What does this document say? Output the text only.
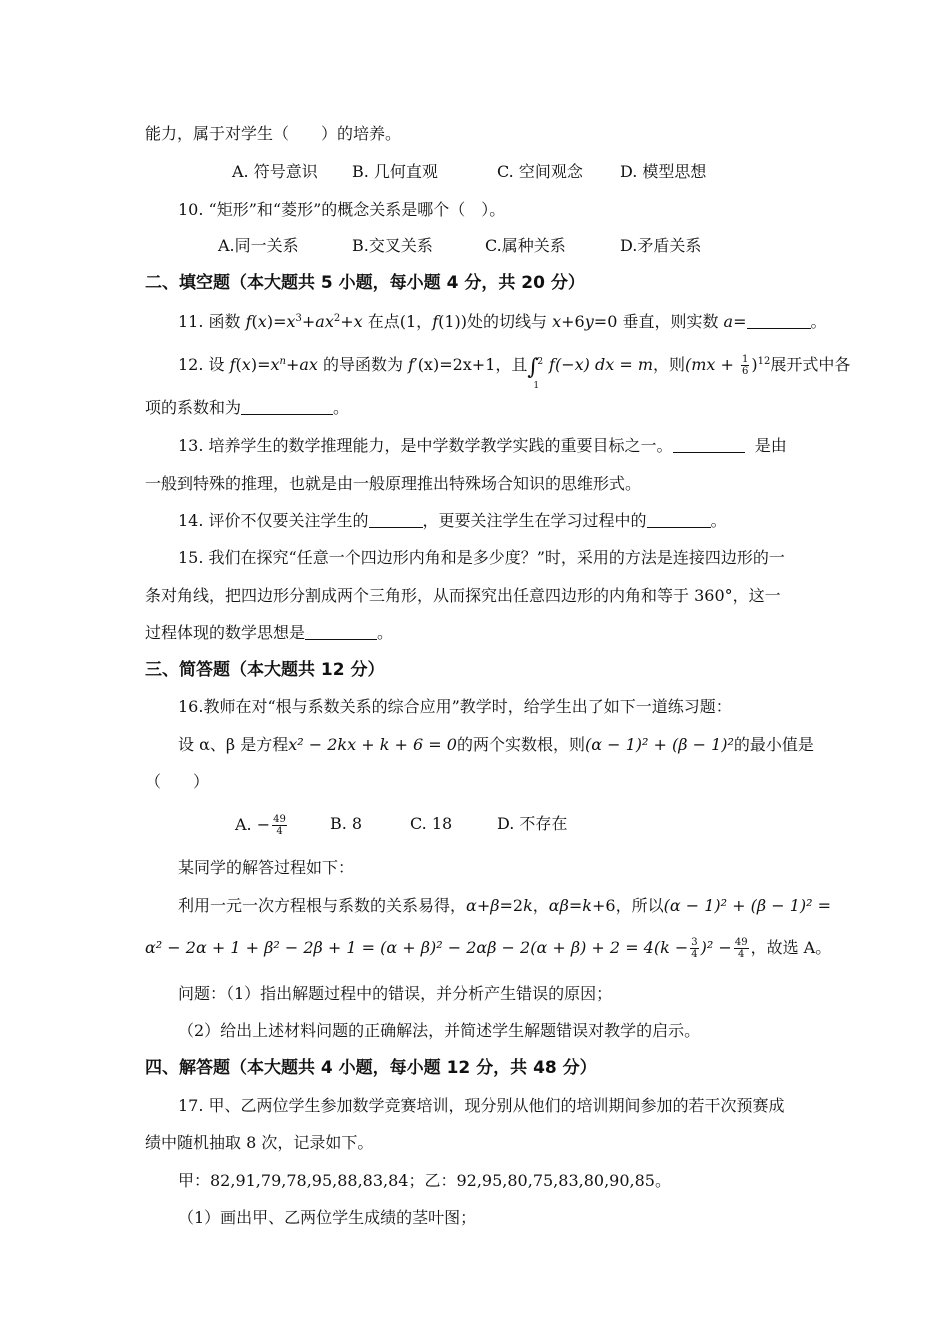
能力，属于对学生（　　）的培养。
A. 符号意识 B. 几何直观	C. 空间观念 D. 模型思想
10. “矩形”和“菱形”的概念关系是哪个（　）。
A.同一关系	B.交叉关系	C.属种关系	D.矛盾关系
二、填空题（本大题共 5 小题，每小题 4 分，共 20 分）
11. 函数 $f(x)=x^3+ax^2+x$ 在点(1，f(1))处的切线与 x+6y=0 垂直，则实数 a=	。
12. 设 $f(x)=x^n+ax$ 的导函数为 f′(x)=2x+1，且∫
2
1
f(−x) dx = m，则$(mx + \frac{1}{6} )^{12}$展开式中各
项的系数和为	。
13. 培养学生的数学推理能力，是中学数学教学实践的重要目标之一。	是由
一般到特殊的推理，也就是由一般原理推出特殊场合知识的思维形式。
14. 评价不仅要关注学生的	，更要关注学生在学习过程中的	。
15. 我们在探究“任意一个四边形内角和是多少度？”时，采用的方法是连接四边形的一
条对角线，把四边形分割成两个三角形，从而探究出任意四边形的内角和等于 360°，这一
过程体现的数学思想是	。
三、简答题（本大题共 12 分）
16.教师在对“根与系数关系的综合应用”教学时，给学生出了如下一道练习题：
设 α、β 是方程x² − 2kx + k + 6 = 0的两个实数根，则(α − 1)² + (β − 1)²的最小值是
（　　）
A. − $\frac{49}{4}$	B. 8	C. 18	D. 不存在
某同学的解答过程如下：
利用一元一次方程根与系数的关系易得，α+β=2k，αβ=k+6，所以(α − 1)² + (β − 1)² =
$\alpha^2 - 2\alpha + 1 + \beta^2 - 2\beta + 1 = (\alpha + \beta)^2 - 2\alpha\beta - 2(\alpha + \beta) + 2 = 4(k - \frac{3}{4} )^2 - \frac{49}{4}$ ，故选 A。
问题：（1）指出解题过程中的错误，并分析产生错误的原因；
（2）给出上述材料问题的正确解法，并简述学生解题错误对教学的启示。
四、解答题（本大题共 4 小题，每小题 12 分，共 48 分）
17. 甲、乙两位学生参加数学竞赛培训，现分别从他们的培训期间参加的若干次预赛成
绩中随机抽取 8 次，记录如下。
甲：82,91,79,78,95,88,83,84；乙：92,95,80,75,83,80,90,85。
（1）画出甲、乙两位学生成绩的茎叶图；
